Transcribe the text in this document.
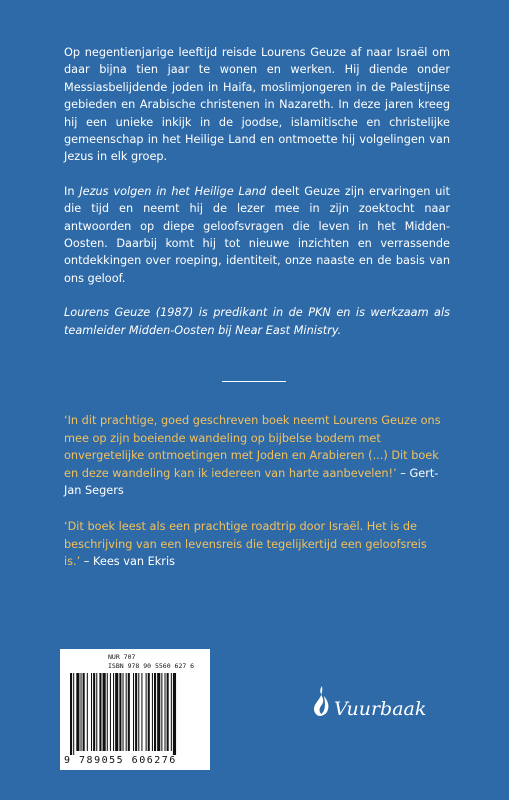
Op negentienjarige leeftijd reisde Lourens Geuze af naar Israël om daar bijna tien jaar te wonen en werken. Hij diende onder Messiasbelijdende joden in Haifa, moslimjongeren in de Palestijnse gebieden en Arabische christenen in Nazareth. In deze jaren kreeg hij een unieke inkijk in de joodse, islamitische en christelijke gemeenschap in het Heilige Land en ontmoette hij volgelingen van Jezus in elk groep.

In Jezus volgen in het Heilige Land deelt Geuze zijn ervaringen uit die tijd en neemt hij de lezer mee in zijn zoektocht naar antwoorden op diepe geloofsvragen die leven in het Midden-Oosten. Daarbij komt hij tot nieuwe inzichten en verrassende ontdekkingen over roeping, identiteit, onze naaste en de basis van ons geloof.

Lourens Geuze (1987) is predikant in de PKN en is werkzaam als teamleider Midden-Oosten bij Near East Ministry.

‘In dit prachtige, goed geschreven boek neemt Lourens Geuze ons mee op zijn boeiende wandeling op bijbelse bodem met onvergetelijke ontmoetingen met Joden en Arabieren (...) Dit boek en deze wandeling kan ik iedereen van harte aanbevelen!’ – Gert-Jan Segers

‘Dit boek leest als een prachtige roadtrip door Israël. Het is de beschrijving van een levensreis die tegelijkertijd een geloofsreis is.’ – Kees van Ekris

NUR 707
ISBN 978 90 5560 627 6
9 789055 606276
Vuurbaak
